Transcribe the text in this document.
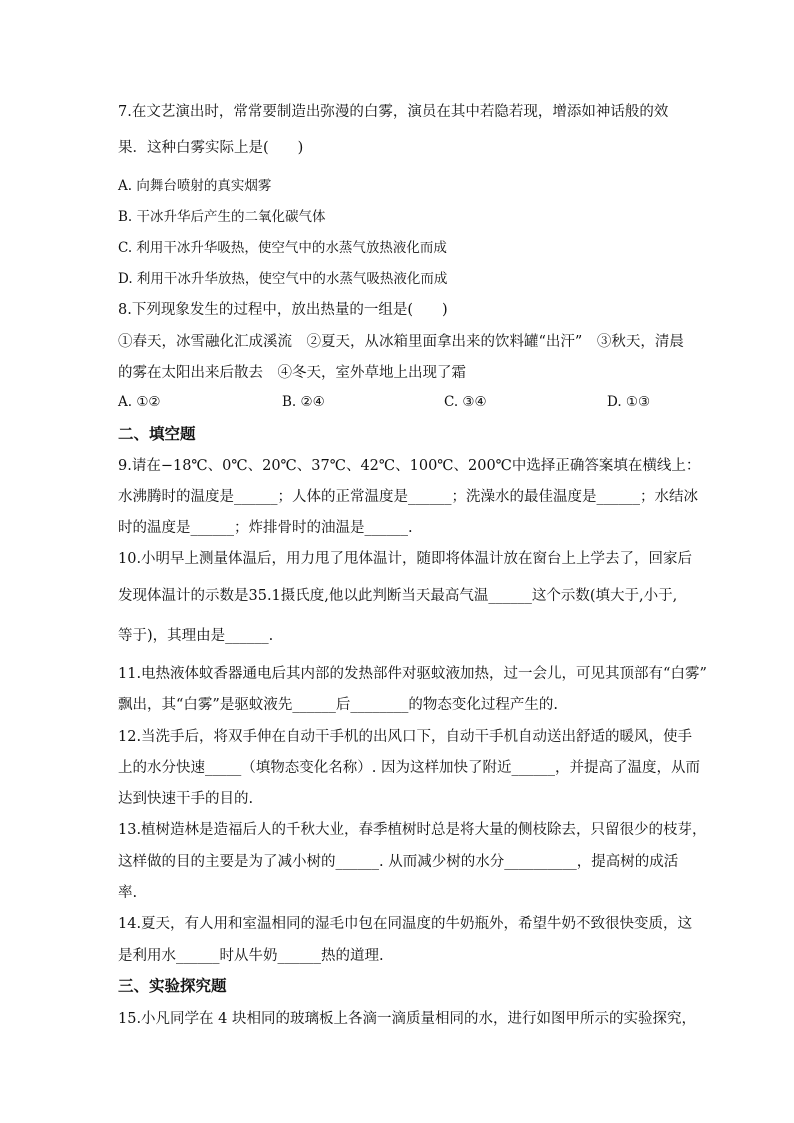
7.在文艺演出时，常常要制造出弥漫的白雾，演员在其中若隐若现，增添如神话般的效
果．这种白雾实际上是(　　)
A. 向舞台喷射的真实烟雾
B. 干冰升华后产生的二氧化碳气体
C. 利用干冰升华吸热，使空气中的水蒸气放热液化而成
D. 利用干冰升华放热，使空气中的水蒸气吸热液化而成
8.下列现象发生的过程中，放出热量的一组是(　　)
①春天，冰雪融化汇成溪流　②夏天，从冰箱里面拿出来的饮料罐“出汗”　③秋天，清晨
的雾在太阳出来后散去　④冬天，室外草地上出现了霜
A. ①②	B. ②④	C. ③④	D. ①③
二、填空题
9.请在−18℃、0℃、20℃、37℃、42℃、100℃、200℃中选择正确答案填在横线上：
水沸腾时的温度是______；人体的正常温度是______；洗澡水的最佳温度是______；水结冰
时的温度是______；炸排骨时的油温是______.
10.小明早上测量体温后，用力甩了甩体温计，随即将体温计放在窗台上上学去了，回家后
发现体温计的示数是35.1摄氏度,他以此判断当天最高气温______这个示数(填大于,小于,
等于)，其理由是______.
11.电热液体蚊香器通电后其内部的发热部件对驱蚊液加热，过一会儿，可见其顶部有“白雾”
飘出，其“白雾”是驱蚊液先______后________的物态变化过程产生的.
12.当洗手后，将双手伸在自动干手机的出风口下，自动干手机自动送出舒适的暖风，使手
上的水分快速_____（填物态变化名称）. 因为这样加快了附近______，并提高了温度，从而
达到快速干手的目的.
13.植树造林是造福后人的千秋大业，春季植树时总是将大量的侧枝除去，只留很少的枝芽，
这样做的目的主要是为了减小树的______. 从而减少树的水分__________，提高树的成活
率.
14.夏天，有人用和室温相同的湿毛巾包在同温度的牛奶瓶外，希望牛奶不致很快变质，这
是利用水______时从牛奶______热的道理.
三、实验探究题
15.小凡同学在 4 块相同的玻璃板上各滴一滴质量相同的水，进行如图甲所示的实验探究，
